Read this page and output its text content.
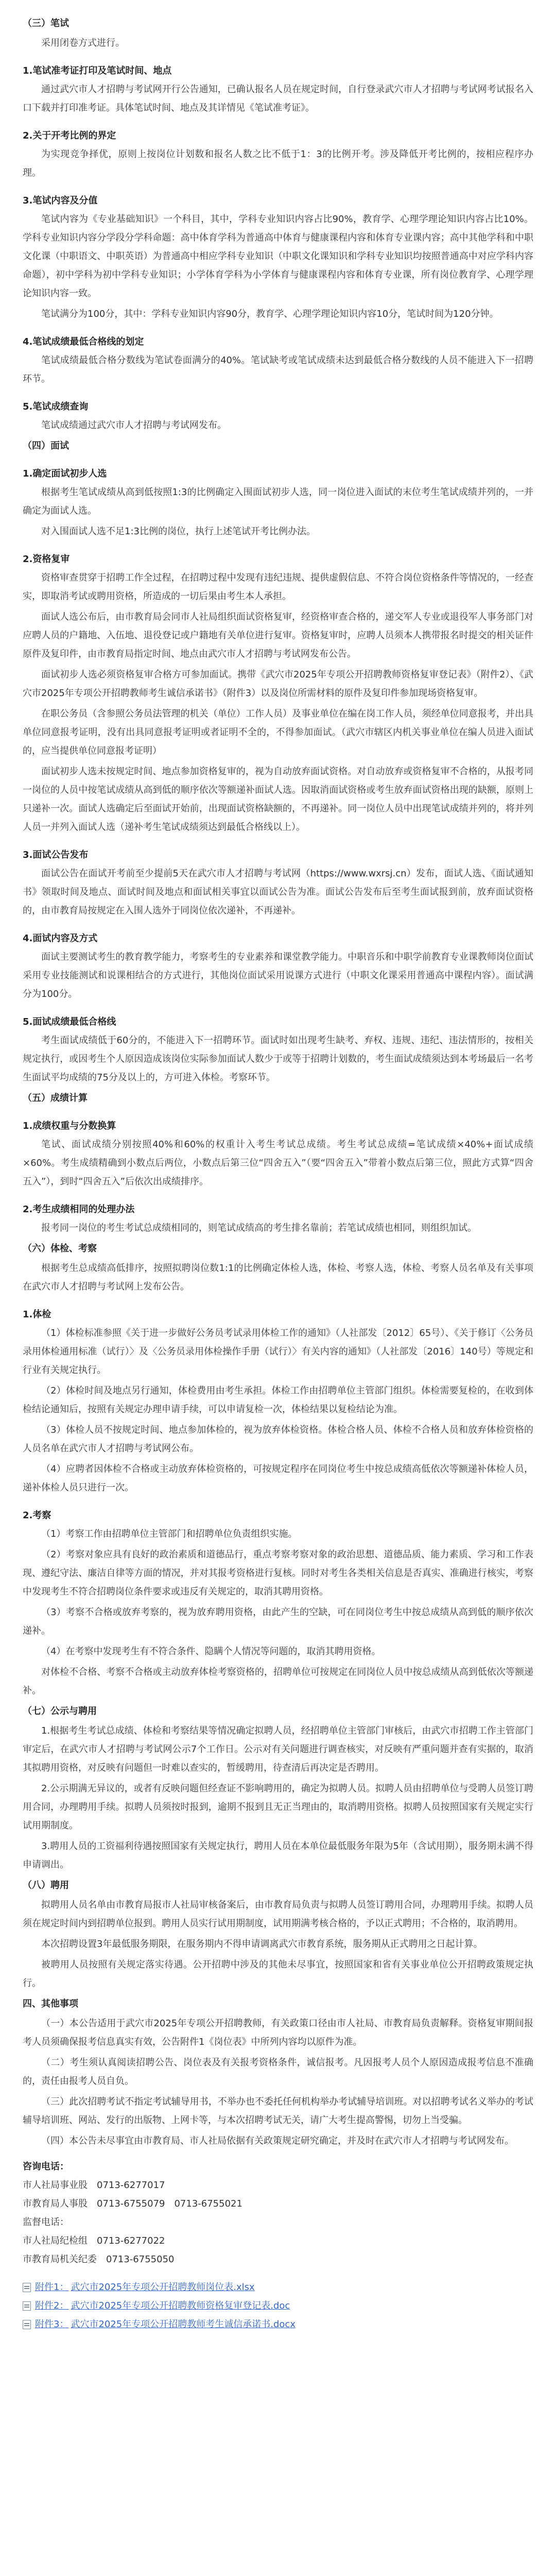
（三）笔试

采用闭卷方式进行。

1.笔试准考证打印及笔试时间、地点

通过武穴市人才招聘与考试网开行公告通知，已确认报名人员在规定时间，自行登录武穴市人才招聘与考试网考试报名入口下载并打印准考证。具体笔试时间、地点及其详情见《笔试准考证》。

2.关于开考比例的界定

为实现竞争择优，原则上按岗位计划数和报名人数之比不低于1：3的比例开考。涉及降低开考比例的，按相应程序办理。

3.笔试内容及分值

笔试内容为《专业基础知识》一个科目，其中，学科专业知识内容占比90%，教育学、心理学理论知识内容占比10%。学科专业知识内容分学段分学科命题：高中体育学科为普通高中体育与健康课程内容和体育专业课内容；高中其他学科和中职文化课（中职语文、中职英语）为普通高中相应学科专业知识（中职文化课知识和学科专业知识均按照普通高中对应学科内容命题），初中学科为初中学科专业知识；小学体育学科为小学体育与健康课程内容和体育专业课，所有岗位教育学、心理学理论知识内容一致。

笔试满分为100分，其中：学科专业知识内容90分，教育学、心理学理论知识内容10分，笔试时间为120分钟。

4.笔试成绩最低合格线的划定

笔试成绩最低合格分数线为笔试卷面满分的40%。笔试缺考或笔试成绩未达到最低合格分数线的人员不能进入下一招聘环节。

5.笔试成绩查询

笔试成绩通过武穴市人才招聘与考试网发布。

（四）面试
1.确定面试初步人选

根据考生笔试成绩从高到低按照1:3的比例确定入围面试初步人选，同一岗位进入面试的末位考生笔试成绩并列的，一并确定为面试人选。

对入围面试人选不足1:3比例的岗位，执行上述笔试开考比例办法。

2.资格复审

资格审查贯穿于招聘工作全过程，在招聘过程中发现有违纪违规、提供虚假信息、不符合岗位资格条件等情况的，一经查实，即取消考试或聘用资格，所造成的一切后果由考生本人承担。

面试人选公布后，由市教育局会同市人社局组织面试资格复审，经资格审查合格的，递交军人专业或退役军人事务部门对应聘人员的户籍地、入伍地、退役登记或户籍地有关单位进行复审。资格复审时，应聘人员须本人携带报名时提交的相关证件原件及复印件，由市教育局指定时间、地点由武穴市人才招聘与考试网发布公告。

面试初步人选必须资格复审合格方可参加面试。携带《武穴市2025年专项公开招聘教师资格复审登记表》（附件2）、《武穴市2025年专项公开招聘教师考生诚信承诺书》（附件3）以及岗位所需材料的原件及复印件参加现场资格复审。

在职公务员（含参照公务员法管理的机关（单位）工作人员）及事业单位在编在岗工作人员，须经单位同意报考，并出具单位同意报考证明，没有出具同意报考证明或者证明不全的，不得参加面试。（武穴市辖区内机关事业单位在编人员进入面试的，应当提供单位同意报考证明）

面试初步人选未按规定时间、地点参加资格复审的，视为自动放弃面试资格。对自动放弃或资格复审不合格的，从报考同一岗位的人员中按笔试成绩从高到低的顺序依次等额递补面试人选。因取消面试资格或考生放弃面试资格出现的缺额，原则上只递补一次。面试人选确定后至面试开始前，出现面试资格缺额的，不再递补。同一岗位人员中出现笔试成绩并列的，将并列人员一并列入面试人选（递补考生笔试成绩须达到最低合格线以上）。

3.面试公告发布

面试公告在面试开考前至少提前5天在武穴市人才招聘与考试网（https://www.wxrsj.cn）发布，面试人选、《面试通知书》领取时间及地点、面试时间及地点和面试相关事宜以面试公告为准。面试公告发布后至考生面试报到前，放弃面试资格的，由市教育局按规定在入围人选外于同岗位依次递补，不再递补。

4.面试内容及方式

面试主要测试考生的教育教学能力，考察考生的专业素养和课堂教学能力。中职音乐和中职学前教育专业课教师岗位面试采用专业技能测试和说课相结合的方式进行，其他岗位面试采用说课方式进行（中职文化课采用普通高中课程内容）。面试满分为100分。

5.面试成绩最低合格线

考生面试成绩低于60分的，不能进入下一招聘环节。面试时如出现考生缺考、弃权、违规、违纪、违法情形的，按相关规定执行，或因考生个人原因造成该岗位实际参加面试人数少于或等于招聘计划数的，考生面试成绩须达到本考场最后一名考生面试平均成绩的75分及以上的，方可进入体检。考察环节。

（五）成绩计算
1.成绩权重与分数换算

笔试、面试成绩分别按照40%和60%的权重计入考生考试总成绩。考生考试总成绩=笔试成绩×40%+面试成绩×60%。考生成绩精确到小数点后两位，小数点后第三位“四舍五入”（要“四舍五入”带着小数点后第三位，照此方式算“四舍五入”），到时“四舍五入”后依次出成绩排序。

2.考生成绩相同的处理办法

报考同一岗位的考生考试总成绩相同的，则笔试成绩高的考生排名靠前；若笔试成绩也相同，则组织加试。

（六）体检、考察

根据考生总成绩高低排序，按照拟聘岗位数1:1的比例确定体检人选，体检、考察人选，体检、考察人员名单及有关事项在武穴市人才招聘与考试网上发布公告。

1.体检

（1）体检标准参照《关于进一步做好公务员考试录用体检工作的通知》（人社部发〔2012〕65号）、《关于修订〈公务员录用体检通用标准（试行）〉及〈公务员录用体检操作手册（试行）〉有关内容的通知》（人社部发〔2016〕140号）等规定和行业有关规定执行。

（2）体检时间及地点另行通知，体检费用由考生承担。体检工作由招聘单位主管部门组织。体检需要复检的，在收到体检结论通知后，按照有关规定办理申请手续，可以申请复检一次，体检结果以复检结论为准。

（3）体检人员不按规定时间、地点参加体检的，视为放弃体检资格。体检合格人员、体检不合格人员和放弃体检资格的人员名单在武穴市人才招聘与考试网公布。

（4）应聘者因体检不合格或主动放弃体检资格的，可按规定程序在同岗位考生中按总成绩高低依次等额递补体检人员，递补体检人员只进行一次。

2.考察

（1）考察工作由招聘单位主管部门和招聘单位负责组织实施。

（2）考察对象应具有良好的政治素质和道德品行，重点考察考察对象的政治思想、道德品质、能力素质、学习和工作表现、遵纪守法、廉洁自律等方面的情况，并对其报考资格进行复核。同时对考生各类相关信息是否真实、准确进行核实，考察中发现考生不符合招聘岗位条件要求或违反有关规定的，取消其聘用资格。

（3）考察不合格或放弃考察的，视为放弃聘用资格，由此产生的空缺，可在同岗位考生中按总成绩从高到低的顺序依次递补。

（4）在考察中发现考生有不符合条件、隐瞒个人情况等问题的，取消其聘用资格。

对体检不合格、考察不合格或主动放弃体检考察资格的，招聘单位可按规定在同岗位人员中按总成绩从高到低依次等额递补。

（七）公示与聘用

1.根据考生考试总成绩、体检和考察结果等情况确定拟聘人员，经招聘单位主管部门审核后，由武穴市招聘工作主管部门审定后，在武穴市人才招聘与考试网公示7个工作日。公示对有关问题进行调查核实，对反映有严重问题并查有实据的，取消其拟聘用资格，对反映有问题但一时难以查实的，暂缓聘用，待查清后再决定是否聘用。

2.公示期满无异议的，或者有反映问题但经查证不影响聘用的，确定为拟聘人员。拟聘人员由招聘单位与受聘人员签订聘用合同，办理聘用手续。拟聘人员须按时报到，逾期不报到且无正当理由的，取消聘用资格。拟聘人员按照国家有关规定实行试用期制度。

3.聘用人员的工资福利待遇按照国家有关规定执行，聘用人员在本单位最低服务年限为5年（含试用期），服务期未满不得申请调出。

（八）聘用

拟聘用人员名单由市教育局报市人社局审核备案后，由市教育局负责与拟聘人员签订聘用合同，办理聘用手续。拟聘人员须在规定时间内到招聘单位报到。聘用人员实行试用期制度，试用期满考核合格的，予以正式聘用；不合格的，取消聘用。

本次招聘设置3年最低服务期限，在服务期内不得申请调离武穴市教育系统，服务期从正式聘用之日起计算。

被聘用人员按照有关规定落实待遇。公开招聘中涉及的其他未尽事宜，按照国家和省有关事业单位公开招聘政策规定执行。

四、其他事项

（一）本公告适用于武穴市2025年专项公开招聘教师，有关政策口径由市人社局、市教育局负责解释。资格复审期间报考人员须确保报考信息真实有效，公告附件1《岗位表》中所列内容均以原件为准。

（二）考生须认真阅读招聘公告、岗位表及有关报考资格条件，诚信报考。凡因报考人员个人原因造成报考信息不准确的，责任由报考人员自负。

（三）此次招聘考试不指定考试辅导用书，不举办也不委托任何机构举办考试辅导培训班。对以招聘考试名义举办的考试辅导培训班、网站、发行的出版物、上网卡等，与本次招聘考试无关，请广大考生提高警惕，切勿上当受骗。

（四）本公告未尽事宜由市教育局、市人社局依据有关政策规定研究确定，并及时在武穴市人才招聘与考试网发布。

咨询电话：
市人社局事业股　0713-6277017
市教育局人事股　0713-6755079　0713-6755021
监督电话：
市人社局纪检组　0713-6277022
市教育局机关纪委　0713-6755050
附件1： 武穴市2025年专项公开招聘教师岗位表.xlsx
附件2： 武穴市2025年专项公开招聘教师资格复审登记表.doc
附件3： 武穴市2025年专项公开招聘教师考生诚信承诺书.docx
